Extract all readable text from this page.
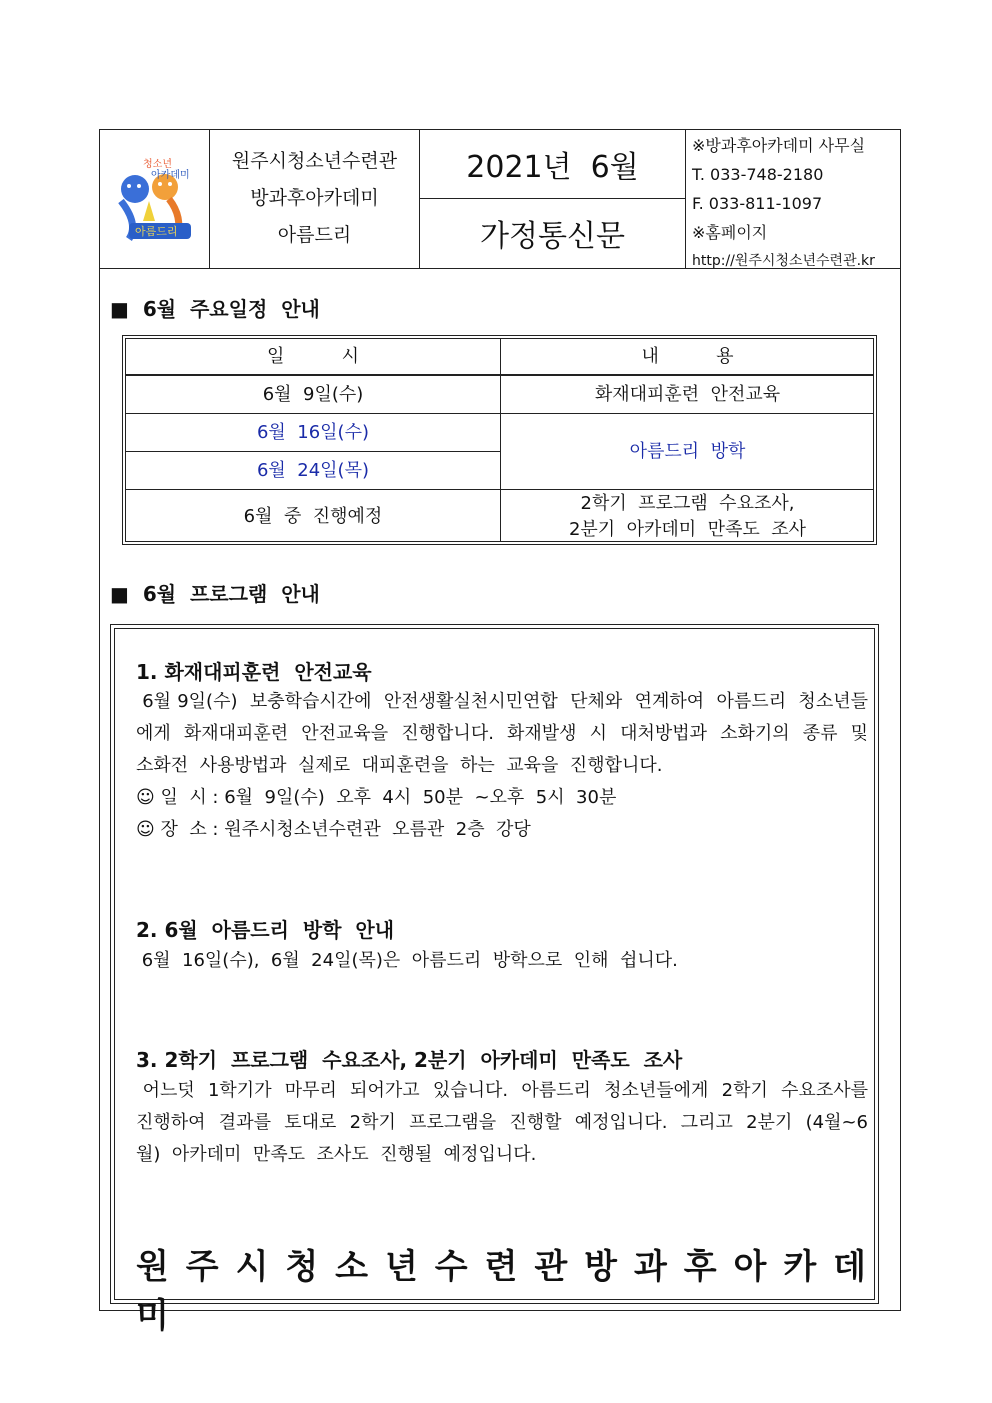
청소년
아카데미
아름드리
원주시청소년수련관
방과후아카데미
아름드리
2021년  6월
가정통신문
※방과후아카데미 사무실
T. 033-748-2180
F. 033-811-1097
※홈페이지
http://원주시청소년수련관.kr
■  6월  주요일정  안내
일          시	내          용
6월  9일(수)	화재대피훈련  안전교육
6월  16일(수)
6월  24일(목)
아름드리  방학
6월  중  진행예정
2학기  프로그램  수요조사,
2분기  아카데미  만족도  조사
■  6월  프로그램  안내
1. 화재대피훈련  안전교육
6월 9일(수)  보충학습시간에  안전생활실천시민연합  단체와  연계하여  아름드리  청소년들에게  화재대피훈련  안전교육을  진행합니다.  화재발생  시  대처방법과  소화기의  종류  및  소화전  사용방법과  실제로  대피훈련을  하는  교육을  진행합니다.
☺ 일  시 : 6월  9일(수)  오후  4시  50분  ~오후  5시  30분
☺ 장  소 : 원주시청소년수련관  오름관  2층  강당
2. 6월  아름드리  방학  안내
6월  16일(수),  6월  24일(목)은  아름드리  방학으로  인해  쉽니다.
3. 2학기  프로그램  수요조사, 2분기  아카데미  만족도  조사
어느덧  1학기가  마무리  되어가고  있습니다.  아름드리  청소년들에게  2학기  수요조사를  진행하여  결과를  토대로  2학기  프로그램을  진행할  예정입니다.  그리고  2분기  (4월~6월)  아카데미  만족도  조사도  진행될  예정입니다.
원 주 시 청 소 년 수 련 관 방 과 후 아 카 데 미
